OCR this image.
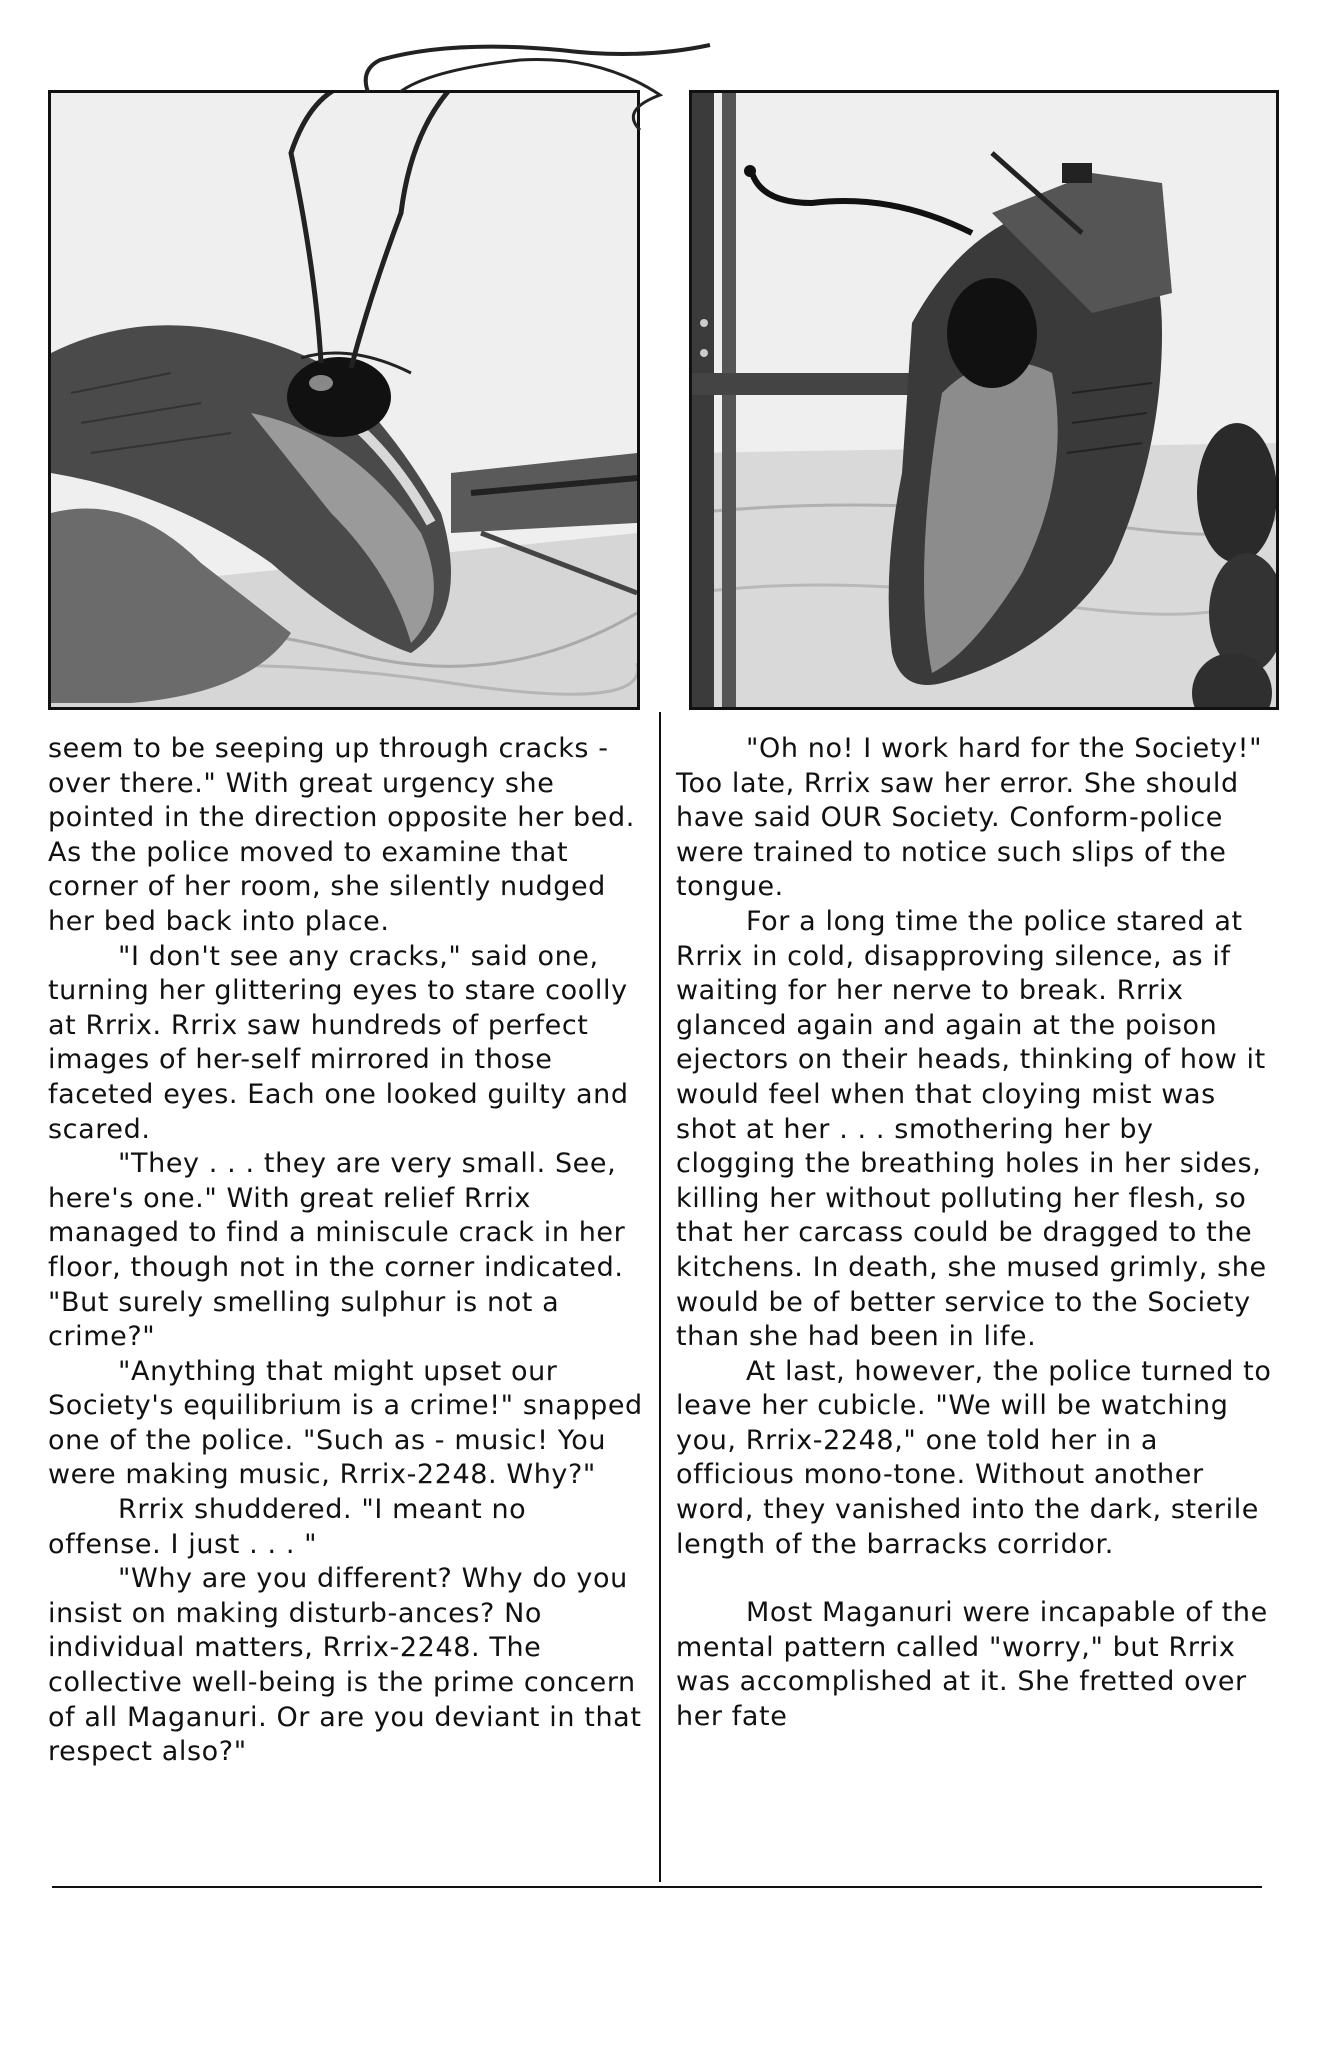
seem to be seeping up through cracks - over there." With great urgency she pointed in the direction opposite her bed. As the police moved to examine that corner of her room, she silently nudged her bed back into place.

"I don't see any cracks," said one, turning her glittering eyes to stare coolly at Rrrix. Rrrix saw hundreds of perfect images of her-self mirrored in those faceted eyes. Each one looked guilty and scared.

"They . . . they are very small. See, here's one." With great relief Rrrix managed to find a miniscule crack in her floor, though not in the corner indicated. "But surely smelling sulphur is not a crime?"

"Anything that might upset our Society's equilibrium is a crime!" snapped one of the police. "Such as - music! You were making music, Rrrix-2248. Why?"

Rrrix shuddered. "I meant no offense. I just . . . "

"Why are you different? Why do you insist on making disturb-ances? No individual matters, Rrrix-2248. The collective well-being is the prime concern of all Maganuri. Or are you deviant in that respect also?"

"Oh no! I work hard for the Society!" Too late, Rrrix saw her error. She should have said OUR Society. Conform-police were trained to notice such slips of the tongue.

For a long time the police stared at Rrrix in cold, disapproving silence, as if waiting for her nerve to break. Rrrix glanced again and again at the poison ejectors on their heads, thinking of how it would feel when that cloying mist was shot at her . . . smothering her by clogging the breathing holes in her sides, killing her without polluting her flesh, so that her carcass could be dragged to the kitchens. In death, she mused grimly, she would be of better service to the Society than she had been in life.

At last, however, the police turned to leave her cubicle. "We will be watching you, Rrrix-2248," one told her in a officious mono-tone. Without another word, they vanished into the dark, sterile length of the barracks corridor.

Most Maganuri were incapable of the mental pattern called "worry," but Rrrix was accomplished at it. She fretted over her fate
